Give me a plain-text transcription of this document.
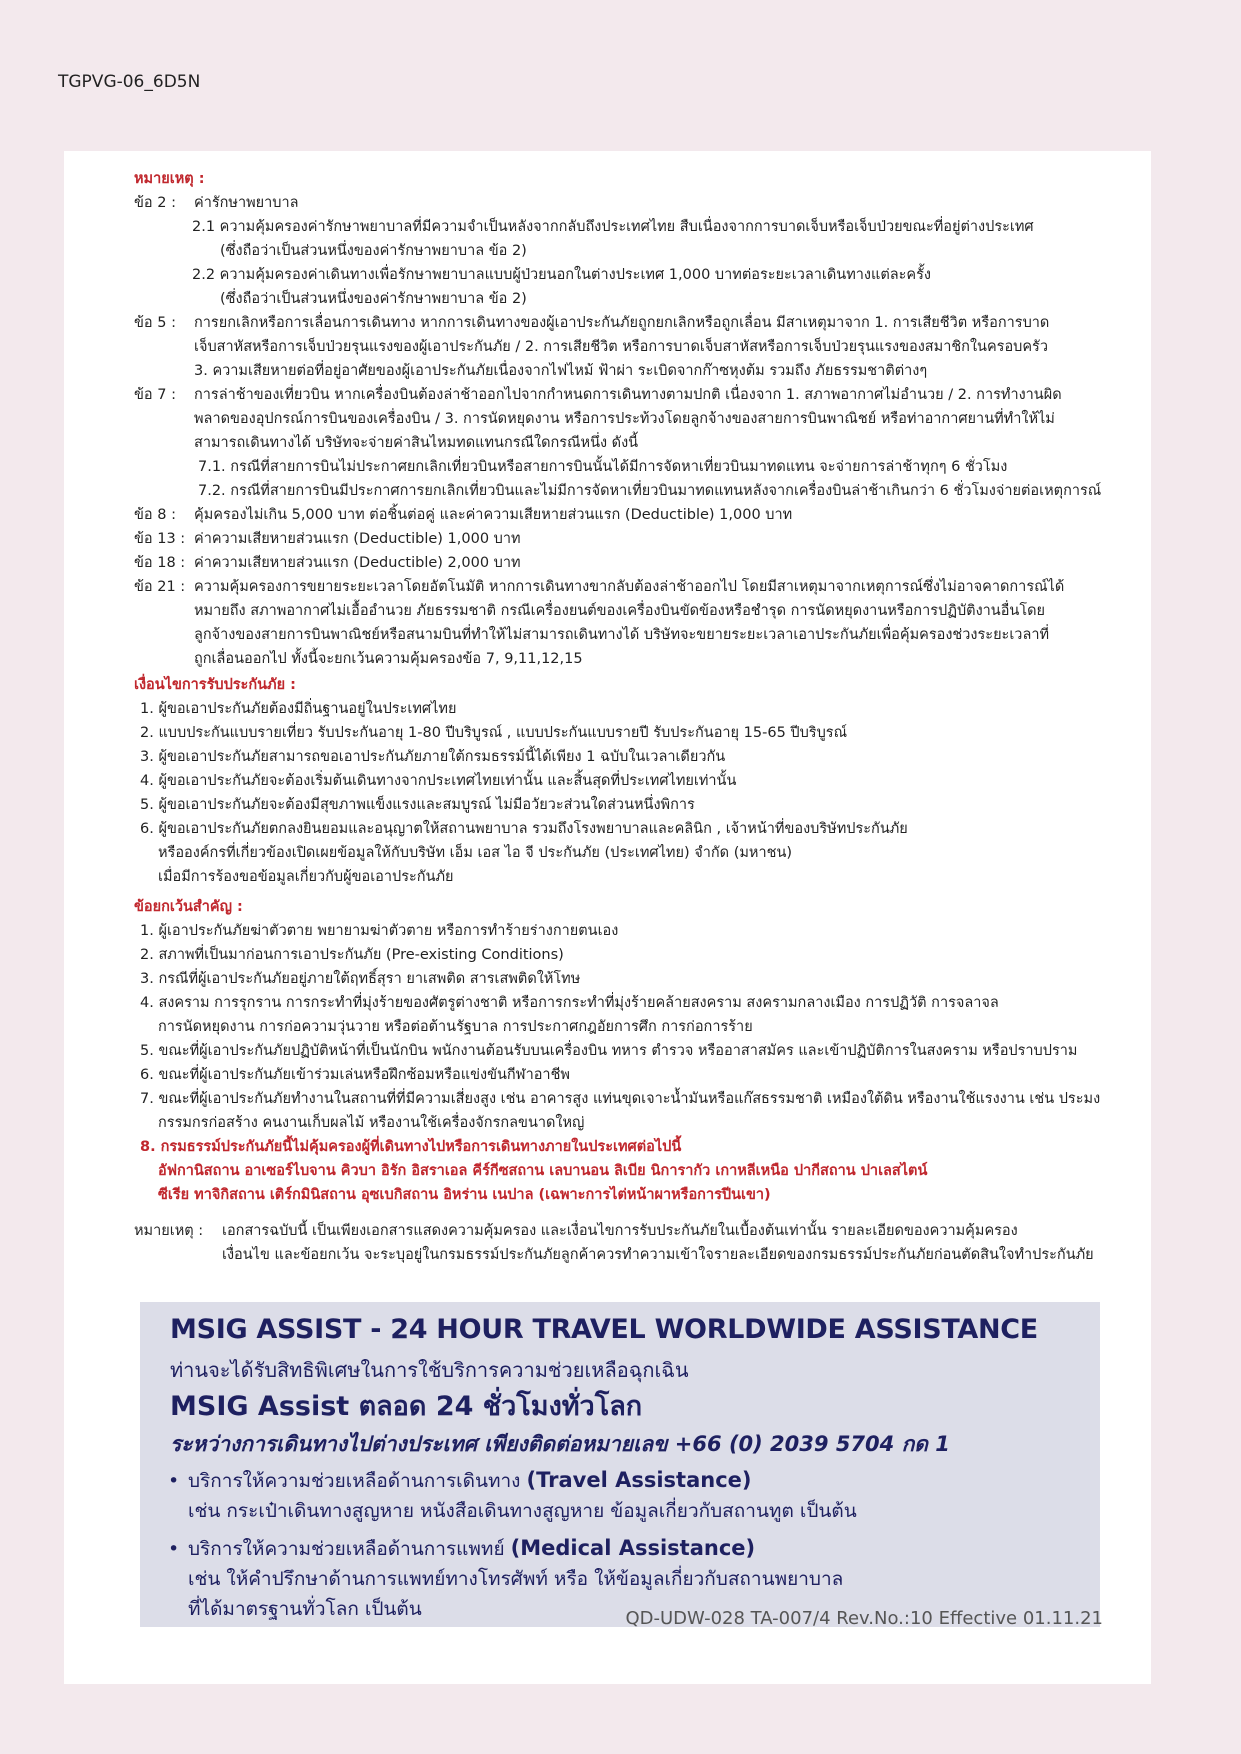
TGPVG-06_6D5N
หมายเหตุ :
ข้อ 2 :	ค่ารักษาพยาบาล
2.1 ความคุ้มครองค่ารักษาพยาบาลที่มีความจำเป็นหลังจากกลับถึงประเทศไทย สืบเนื่องจากการบาดเจ็บหรือเจ็บป่วยขณะที่อยู่ต่างประเทศ
(ซึ่งถือว่าเป็นส่วนหนึ่งของค่ารักษาพยาบาล ข้อ 2)
2.2 ความคุ้มครองค่าเดินทางเพื่อรักษาพยาบาลแบบผู้ป่วยนอกในต่างประเทศ 1,000 บาทต่อระยะเวลาเดินทางแต่ละครั้ง
(ซึ่งถือว่าเป็นส่วนหนึ่งของค่ารักษาพยาบาล ข้อ 2)
ข้อ 5 :	การยกเลิกหรือการเลื่อนการเดินทาง หากการเดินทางของผู้เอาประกันภัยถูกยกเลิกหรือถูกเลื่อน มีสาเหตุมาจาก 1. การเสียชีวิต หรือการบาด
เจ็บสาหัสหรือการเจ็บป่วยรุนแรงของผู้เอาประกันภัย / 2. การเสียชีวิต หรือการบาดเจ็บสาหัสหรือการเจ็บป่วยรุนแรงของสมาชิกในครอบครัว
3. ความเสียหายต่อที่อยู่อาศัยของผู้เอาประกันภัยเนื่องจากไฟไหม้ ฟ้าผ่า ระเบิดจากก๊าซหุงต้ม รวมถึง ภัยธรรมชาติต่างๆ
ข้อ 7 :	การล่าช้าของเที่ยวบิน หากเครื่องบินต้องล่าช้าออกไปจากกำหนดการเดินทางตามปกติ เนื่องจาก 1. สภาพอากาศไม่อำนวย / 2. การทำงานผิด
พลาดของอุปกรณ์การบินของเครื่องบิน / 3. การนัดหยุดงาน หรือการประท้วงโดยลูกจ้างของสายการบินพาณิชย์ หรือท่าอากาศยานที่ทำให้ไม่
สามารถเดินทางได้ บริษัทจะจ่ายค่าสินไหมทดแทนกรณีใดกรณีหนึ่ง ดังนี้
7.1. กรณีที่สายการบินไม่ประกาศยกเลิกเที่ยวบินหรือสายการบินนั้นได้มีการจัดหาเที่ยวบินมาทดแทน จะจ่ายการล่าช้าทุกๆ 6 ชั่วโมง
7.2. กรณีที่สายการบินมีประกาศการยกเลิกเที่ยวบินและไม่มีการจัดหาเที่ยวบินมาทดแทนหลังจากเครื่องบินล่าช้าเกินกว่า 6 ชั่วโมงจ่ายต่อเหตุการณ์
ข้อ 8 :	คุ้มครองไม่เกิน 5,000 บาท ต่อชิ้นต่อคู่ และค่าความเสียหายส่วนแรก (Deductible) 1,000 บาท
ข้อ 13 : ค่าความเสียหายส่วนแรก (Deductible) 1,000 บาท
ข้อ 18 : ค่าความเสียหายส่วนแรก (Deductible) 2,000 บาท
ข้อ 21 : ความคุ้มครองการขยายระยะเวลาโดยอัตโนมัติ หากการเดินทางขากลับต้องล่าช้าออกไป โดยมีสาเหตุมาจากเหตุการณ์ซึ่งไม่อาจคาดการณ์ได้
หมายถึง สภาพอากาศไม่เอื้ออำนวย ภัยธรรมชาติ กรณีเครื่องยนต์ของเครื่องบินขัดข้องหรือชำรุด การนัดหยุดงานหรือการปฏิบัติงานอื่นโดย
ลูกจ้างของสายการบินพาณิชย์หรือสนามบินที่ทำให้ไม่สามารถเดินทางได้ บริษัทจะขยายระยะเวลาเอาประกันภัยเพื่อคุ้มครองช่วงระยะเวลาที่
ถูกเลื่อนออกไป ทั้งนี้จะยกเว้นความคุ้มครองข้อ 7, 9,11,12,15
เงื่อนไขการรับประกันภัย :
1. ผู้ขอเอาประกันภัยต้องมีถิ่นฐานอยู่ในประเทศไทย
2. แบบประกันแบบรายเที่ยว รับประกันอายุ 1-80 ปีบริบูรณ์ , แบบประกันแบบรายปี รับประกันอายุ 15-65 ปีบริบูรณ์
3. ผู้ขอเอาประกันภัยสามารถขอเอาประกันภัยภายใต้กรมธรรม์นี้ได้เพียง 1 ฉบับในเวลาเดียวกัน
4. ผู้ขอเอาประกันภัยจะต้องเริ่มต้นเดินทางจากประเทศไทยเท่านั้น และสิ้นสุดที่ประเทศไทยเท่านั้น
5. ผู้ขอเอาประกันภัยจะต้องมีสุขภาพแข็งแรงและสมบูรณ์ ไม่มีอวัยวะส่วนใดส่วนหนึ่งพิการ
6. ผู้ขอเอาประกันภัยตกลงยินยอมและอนุญาตให้สถานพยาบาล รวมถึงโรงพยาบาลและคลินิก , เจ้าหน้าที่ของบริษัทประกันภัย
หรือองค์กรที่เกี่ยวข้องเปิดเผยข้อมูลให้กับบริษัท เอ็ม เอส ไอ จี ประกันภัย (ประเทศไทย) จำกัด (มหาชน)
เมื่อมีการร้องขอข้อมูลเกี่ยวกับผู้ขอเอาประกันภัย
ข้อยกเว้นสำคัญ :
1. ผู้เอาประกันภัยฆ่าตัวตาย พยายามฆ่าตัวตาย หรือการทำร้ายร่างกายตนเอง
2. สภาพที่เป็นมาก่อนการเอาประกันภัย (Pre-existing Conditions)
3. กรณีที่ผู้เอาประกันภัยอยู่ภายใต้ฤทธิ์สุรา ยาเสพติด สารเสพติดให้โทษ
4. สงคราม การรุกราน การกระทำที่มุ่งร้ายของศัตรูต่างชาติ หรือการกระทำที่มุ่งร้ายคล้ายสงคราม สงครามกลางเมือง การปฏิวัติ การจลาจล
การนัดหยุดงาน การก่อความวุ่นวาย หรือต่อต้านรัฐบาล การประกาศกฎอัยการศึก การก่อการร้าย
5. ขณะที่ผู้เอาประกันภัยปฏิบัติหน้าที่เป็นนักบิน พนักงานต้อนรับบนเครื่องบิน ทหาร ตำรวจ หรืออาสาสมัคร และเข้าปฏิบัติการในสงคราม หรือปราบปราม
6. ขณะที่ผู้เอาประกันภัยเข้าร่วมเล่นหรือฝึกซ้อมหรือแข่งขันกีฬาอาชีพ
7. ขณะที่ผู้เอาประกันภัยทำงานในสถานที่ที่มีความเสี่ยงสูง เช่น อาคารสูง แท่นขุดเจาะน้ำมันหรือแก๊สธรรมชาติ เหมืองใต้ดิน หรืองานใช้แรงงาน เช่น ประมง
กรรมกรก่อสร้าง คนงานเก็บผลไม้ หรืองานใช้เครื่องจักรกลขนาดใหญ่
8. กรมธรรม์ประกันภัยนี้ไม่คุ้มครองผู้ที่เดินทางไปหรือการเดินทางภายในประเทศต่อไปนี้
อัฟกานิสถาน อาเซอร์ไบจาน คิวบา อิรัก อิสราเอล คีร์กีซสถาน เลบานอน ลิเบีย นิการากัว เกาหลีเหนือ ปากีสถาน ปาเลสไตน์
ซีเรีย ทาจิกิสถาน เติร์กมินิสถาน อุซเบกิสถาน อิหร่าน เนปาล (เฉพาะการไต่หน้าผาหรือการปีนเขา)
หมายเหตุ :	เอกสารฉบับนี้ เป็นเพียงเอกสารแสดงความคุ้มครอง และเงื่อนไขการรับประกันภัยในเบื้องต้นเท่านั้น รายละเอียดของความคุ้มครอง
เงื่อนไข และข้อยกเว้น จะระบุอยู่ในกรมธรรม์ประกันภัยลูกค้าควรทำความเข้าใจรายละเอียดของกรมธรรม์ประกันภัยก่อนตัดสินใจทำประกันภัย
MSIG ASSIST - 24 HOUR TRAVEL WORLDWIDE ASSISTANCE
ท่านจะได้รับสิทธิพิเศษในการใช้บริการความช่วยเหลือฉุกเฉิน
MSIG Assist ตลอด 24 ชั่วโมงทั่วโลก
ระหว่างการเดินทางไปต่างประเทศ เพียงติดต่อหมายเลข +66 (0) 2039 5704 กด 1
• บริการให้ความช่วยเหลือด้านการเดินทาง (Travel Assistance)
เช่น กระเป๋าเดินทางสูญหาย หนังสือเดินทางสูญหาย ข้อมูลเกี่ยวกับสถานทูต เป็นต้น
• บริการให้ความช่วยเหลือด้านการแพทย์ (Medical Assistance)
เช่น ให้คำปรึกษาด้านการแพทย์ทางโทรศัพท์ หรือ ให้ข้อมูลเกี่ยวกับสถานพยาบาล
ที่ได้มาตรฐานทั่วโลก เป็นต้น	QD-UDW-028 TA-007/4 Rev.No.:10 Effective 01.11.21
